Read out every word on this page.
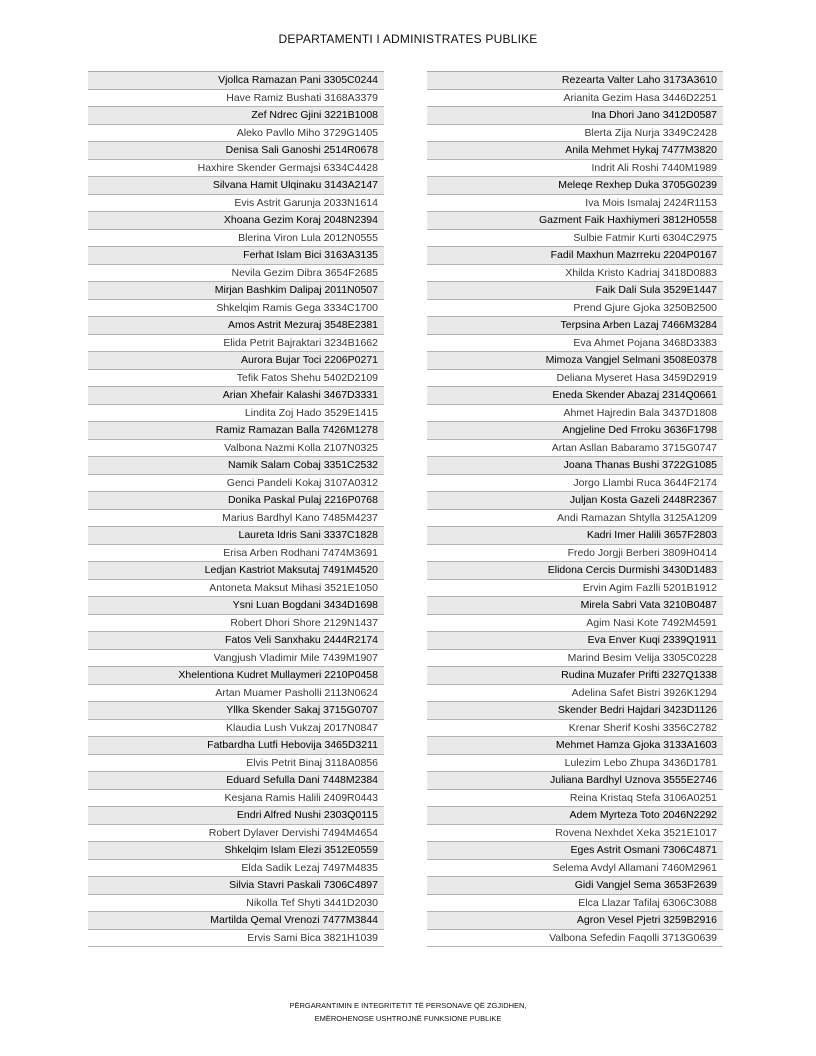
DEPARTAMENTI I ADMINISTRATES PUBLIKE
Vjollca Ramazan Pani 3305C0244
Have Ramiz Bushati 3168A3379
Zef Ndrec Gjini 3221B1008
Aleko Pavllo Miho 3729G1405
Denisa Sali Ganoshi 2514R0678
Haxhire Skender Germajsi 6334C4428
Silvana Hamit Ulqinaku 3143A2147
Evis Astrit Garunja 2033N1614
Xhoana Gezim Koraj 2048N2394
Blerina Viron Lula 2012N0555
Ferhat Islam Bici 3163A3135
Nevila Gezim Dibra 3654F2685
Mirjan Bashkim Dalipaj 2011N0507
Shkelqim Ramis Gega 3334C1700
Amos Astrit Mezuraj 3548E2381
Elida Petrit Bajraktari 3234B1662
Aurora Bujar Toci 2206P0271
Tefik Fatos Shehu 5402D2109
Arian Xhefair Kalashi 3467D3331
Lindita Zoj Hado 3529E1415
Ramiz Ramazan Balla 7426M1278
Valbona Nazmi Kolla 2107N0325
Namik Salam Cobaj 3351C2532
Genci Pandeli Kokaj 3107A0312
Donika Paskal Pulaj 2216P0768
Marius Bardhyl Kano 7485M4237
Laureta Idris Sani 3337C1828
Erisa Arben Rodhani 7474M3691
Ledjan Kastriot Maksutaj 7491M4520
Antoneta Maksut Mihasi 3521E1050
Ysni Luan Bogdani 3434D1698
Robert Dhori Shore 2129N1437
Fatos Veli Sanxhaku 2444R2174
Vangjush Vladimir Mile 7439M1907
Xhelentiona Kudret Mullaymeri 2210P0458
Artan Muamer Pasholli 2113N0624
Yllka Skender Sakaj 3715G0707
Klaudia Lush Vukzaj 2017N0847
Fatbardha Lutfi Hebovija 3465D3211
Elvis Petrit Binaj 3118A0856
Eduard Sefulla Dani 7448M2384
Kesjana Ramis Halili 2409R0443
Endri Alfred Nushi 2303Q0115
Robert Dylaver Dervishi 7494M4654
Shkelqim Islam Elezi 3512E0559
Elda Sadik Lezaj 7497M4835
Silvia Stavri Paskali 7306C4897
Nikolla Tef Shyti 3441D2030
Martilda Qemal Vrenozi 7477M3844
Ervis Sami Bica 3821H1039
Rezearta Valter Laho 3173A3610
Arianita Gezim Hasa 3446D2251
Ina Dhori Jano 3412D0587
Blerta Zija Nurja 3349C2428
Anila Mehmet Hykaj 7477M3820
Indrit Ali Roshi 7440M1989
Meleqe Rexhep Duka 3705G0239
Iva Mois Ismalaj 2424R1153
Gazment Faik Haxhiymeri 3812H0558
Sulbie Fatmir Kurti 6304C2975
Fadil Maxhun Mazrreku 2204P0167
Xhilda Kristo Kadriaj 3418D0883
Faik Dali Sula 3529E1447
Prend Gjure Gjoka 3250B2500
Terpsina Arben Lazaj 7466M3284
Eva Ahmet Pojana 3468D3383
Mimoza Vangjel Selmani 3508E0378
Deliana Myseret Hasa 3459D2919
Eneda Skender Abazaj 2314Q0661
Ahmet Hajredin Bala 3437D1808
Angjeline Ded Frroku 3636F1798
Artan Asllan Babaramo 3715G0747
Joana Thanas Bushi 3722G1085
Jorgo Llambi Ruca 3644F2174
Juljan Kosta Gazeli 2448R2367
Andi Ramazan Shtylla 3125A1209
Kadri Imer Halili 3657F2803
Fredo Jorgji Berberi 3809H0414
Elidona Cercis Durmishi 3430D1483
Ervin Agim Fazlli 5201B1912
Mirela Sabri Vata 3210B0487
Agim Nasi Kote 7492M4591
Eva Enver Kuqi 2339Q1911
Marind Besim Velija 3305C0228
Rudina Muzafer Prifti 2327Q1338
Adelina Safet Bistri 3926K1294
Skender Bedri Hajdari 3423D1126
Krenar Sherif Koshi 3356C2782
Mehmet Hamza Gjoka 3133A1603
Lulezim Lebo Zhupa 3436D1781
Juliana Bardhyl Uznova 3555E2746
Reina Kristaq Stefa 3106A0251
Adem Myrteza Toto 2046N2292
Rovena Nexhdet Xeka 3521E1017
Eges Astrit Osmani 7306C4871
Selema Avdyl Allamani 7460M2961
Gidi Vangjel Sema 3653F2639
Elca Llazar Tafilaj 6306C3088
Agron Vesel Pjetri 3259B2916
Valbona Sefedin Faqolli 3713G0639
PËRGARANTIMIN E INTEGRITETIT TË PERSONAVE QË ZGJIDHEN,
EMËROHENOSE USHTROJNË FUNKSIONE PUBLIKE
